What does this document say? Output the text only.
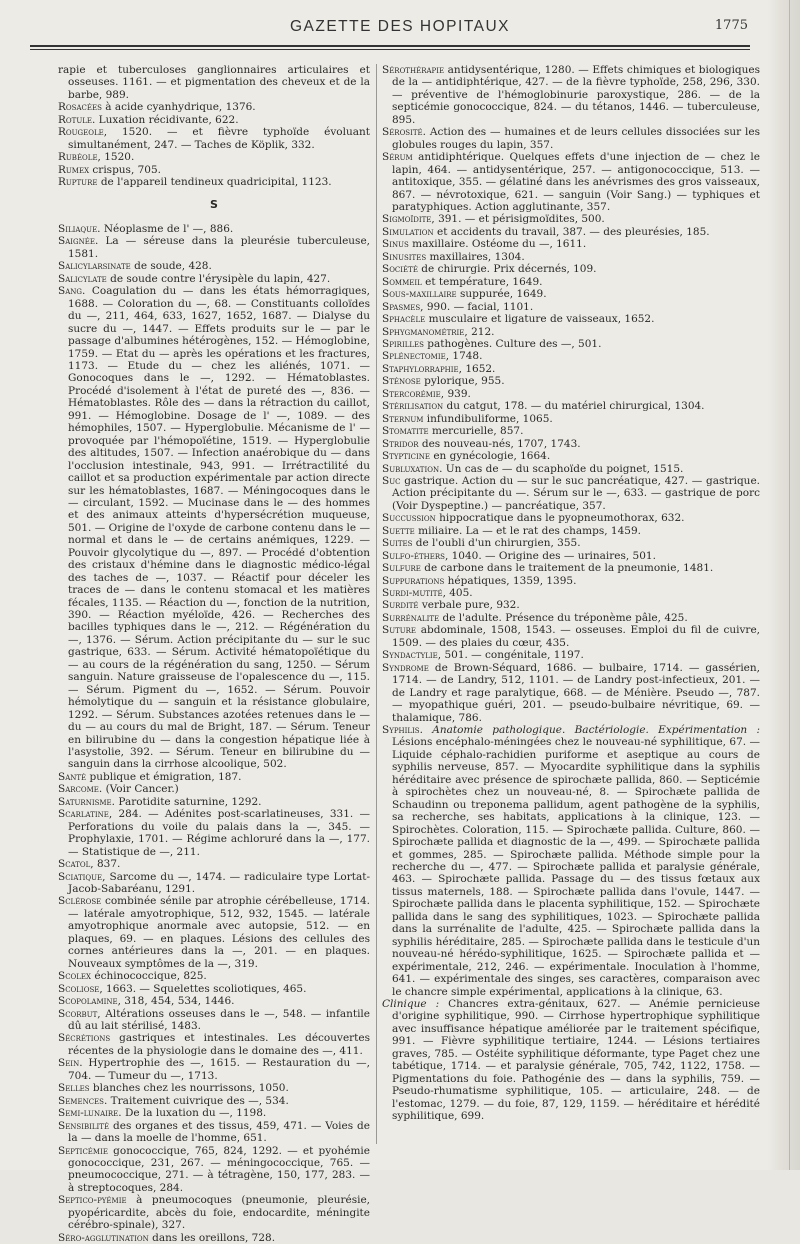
GAZETTE DES HOPITAUX	1775

rapie et tuberculoses ganglionnaires articulaires et osseuses. 1161. — et pigmentation des cheveux et de la barbe, 989.

Rosacées à acide cyanhydrique, 1376.

Rotule. Luxation récidivante, 622.

Rougeole, 1520. — et fièvre typhoïde évoluant simultanément, 247. — Taches de Köplik, 332.

Rubéole, 1520.

Rumex crispus, 705.

Rupture de l'appareil tendineux quadricipital, 1123.

S

Siliaque. Néoplasme de l' —, 886.

Saignée. La — séreuse dans la pleurésie tuberculeuse, 1581.

Salicylarsinate de soude, 428.

Salicylate de soude contre l'érysipèle du lapin, 427.

Sang. Coagulation du — dans les états hémorragiques, 1688. — Coloration du —, 68. — Constituants colloïdes du —, 211, 464, 633, 1627, 1652, 1687. — Dialyse du sucre du —, 1447. — Effets produits sur le — par le passage d'albumines hétérogènes, 152. — Hémoglobine, 1759. — Etat du — après les opérations et les fractures, 1173. — Etude du — chez les aliénés, 1071. — Gonocoques dans le —, 1292. — Hématoblastes. Procédé d'isolement à l'état de pureté des —, 836. — Hématoblastes. Rôle des — dans la rétraction du caillot, 991. — Hémoglobine. Dosage de l' —, 1089. — des hémophiles, 1507. — Hyperglobulie. Mécanisme de l' — provoquée par l'hémopoïétine, 1519. — Hyperglobulie des altitudes, 1507. — Infection anaérobique du — dans l'occlusion intestinale, 943, 991. — Irrétractilité du caillot et sa production expérimentale par action directe sur les hématoblastes, 1687. — Méningocoques dans le — circulant, 1592. — Mucinase dans le — des hommes et des animaux atteints d'hypersécrétion muqueuse, 501. — Origine de l'oxyde de carbone contenu dans le — normal et dans le — de certains anémiques, 1229. — Pouvoir glycolytique du —, 897. — Procédé d'obtention des cristaux d'hémine dans le diagnostic médico-légal des taches de —, 1037. — Réactif pour déceler les traces de — dans le contenu stomacal et les matières fécales, 1135. — Réaction du —, fonction de la nutrition, 390. — Réaction myéloïde, 426. — Recherches des bacilles typhiques dans le —, 212. — Régénération du —, 1376. — Sérum. Action précipitante du — sur le suc gastrique, 633. — Sérum. Activité hématopoïétique du — au cours de la régénération du sang, 1250. — Sérum sanguin. Nature graisseuse de l'opalescence du —, 115. — Sérum. Pigment du —, 1652. — Sérum. Pouvoir hémolytique du — sanguin et la résistance globulaire, 1292. — Sérum. Substances azotées retenues dans le — du — au cours du mal de Bright, 187. — Sérum. Teneur en bilirubine du — dans la congestion hépatique liée à l'asystolie, 392. — Sérum. Teneur en bilirubine du — sanguin dans la cirrhose alcoolique, 502.

Santé publique et émigration, 187.

Sarcome. (Voir Cancer.)

Saturnisme. Parotidite saturnine, 1292.

Scarlatine, 284. — Adénites post-scarlatineuses, 331. — Perforations du voile du palais dans la —, 345. — Prophylaxie, 1701. — Régime achloruré dans la —, 177. — Statistique de —, 211.

Scatol, 837.

Sciatique, Sarcome du —, 1474. — radiculaire type Lortat-Jacob-Sabaréanu, 1291.

Sclérose combinée sénile par atrophie cérébelleuse, 1714. — latérale amyotrophique, 512, 932, 1545. — latérale amyotrophique anormale avec autopsie, 512. — en plaques, 69. — en plaques. Lésions des cellules des cornes antérieures dans la —, 201. — en plaques. Nouveaux symptômes de la —, 319.

Scolex échinococcique, 825.

Scoliose, 1663. — Squelettes scoliotiques, 465.

Scopolamine, 318, 454, 534, 1446.

Scorbut, Altérations osseuses dans le —, 548. — infantile dû au lait stérilisé, 1483.

Sécrétions gastriques et intestinales. Les découvertes récentes de la physiologie dans le domaine des —, 411.

Sein. Hypertrophie des —, 1615. — Restauration du —, 704. — Tumeur du —, 1713.

Selles blanches chez les nourrissons, 1050.

Semences. Traitement cuivrique des —, 534.

Semi-lunaire. De la luxation du —, 1198.

Sensibilité des organes et des tissus, 459, 471. — Voies de la — dans la moelle de l'homme, 651.

Septicémie gonococcique, 765, 824, 1292. — et pyohémie gonococcique, 231, 267. — méningococcique, 765. — pneumococcique, 271. — à tétragène, 150, 177, 283. — à streptocoques, 284.

Septico-pyémie à pneumocoques (pneumonie, pleurésie, pyopéricardite, abcès du foie, endocardite, méningite cérébro-spinale), 327.

Séro-agglutination dans les oreillons, 728.

Sérothérapie antidysentérique, 1280. — Effets chimiques et biologiques de la — antidiphtérique, 427. — de la fièvre typhoïde, 258, 296, 330. — préventive de l'hémoglobinurie paroxystique, 286. — de la septicémie gonococcique, 824. — du tétanos, 1446. — tuberculeuse, 895.

Sérosité. Action des — humaines et de leurs cellules dissociées sur les globules rouges du lapin, 357.

Sérum antidiphtérique. Quelques effets d'une injection de — chez le lapin, 464. — antidysentérique, 257. — antigonococcique, 513. — antitoxique, 355. — gélatiné dans les anévrismes des gros vaisseaux, 867. — névrotoxique, 621. — sanguin (Voir Sang.) — typhiques et paratyphiques. Action agglutinante, 357.

Sigmoïdite, 391. — et périsigmoïdites, 500.

Simulation et accidents du travail, 387. — des pleurésies, 185.

Sinus maxillaire. Ostéome du —, 1611.

Sinusites maxillaires, 1304.

Société de chirurgie. Prix décernés, 109.

Sommeil et température, 1649.

Sous-maxillaire suppurée, 1649.

Spasmes, 990. — facial, 1101.

Sphacèle musculaire et ligature de vaisseaux, 1652.

Sphygmanométrie, 212.

Spirilles pathogènes. Culture des —, 501.

Splénectomie, 1748.

Staphylorraphie, 1652.

Sténose pylorique, 955.

Stercorémie, 939.

Stérilisation du catgut, 178. — du matériel chirurgical, 1304.

Sternum infundibuliforme, 1065.

Stomatite mercurielle, 857.

Stridor des nouveau-nés, 1707, 1743.

Stypticine en gynécologie, 1664.

Subluxation. Un cas de — du scaphoïde du poignet, 1515.

Suc gastrique. Action du — sur le suc pancréatique, 427. — gastrique. Action précipitante du —. Sérum sur le —, 633. — gastrique de porc (Voir Dyspeptine.) — pancréatique, 357.

Succussion hippocratique dans le pyopneumothorax, 632.

Suette miliaire. La — et le rat des champs, 1459.

Suites de l'oubli d'un chirurgien, 355.

Sulfo-éthers, 1040. — Origine des — urinaires, 501.

Sulfure de carbone dans le traitement de la pneumonie, 1481.

Suppurations hépatiques, 1359, 1395.

Surdi-mutité, 405.

Surdité verbale pure, 932.

Surrénalite de l'adulte. Présence du tréponème pâle, 425.

Suture abdominale, 1508, 1543. — osseuses. Emploi du fil de cuivre, 1509. — des plaies du cœur, 435.

Syndactylie, 501. — congénitale, 1197.

Syndrome de Brown-Séquard, 1686. — bulbaire, 1714. — gassérien, 1714. — de Landry, 512, 1101. — de Landry post-infectieux, 201. — de Landry et rage paralytique, 668. — de Ménière. Pseudo —, 787. — myopathique guéri, 201. — pseudo-bulbaire névritique, 69. — thalamique, 786.

Syphilis. Anatomie pathologique. Bactériologie. Expérimentation : Lésions encéphalo-méningées chez le nouveau-né syphilitique, 67. — Liquide céphalo-rachidien puriforme et aseptique au cours de syphilis nerveuse, 857. — Myocardite syphilitique dans la syphilis héréditaire avec présence de spirochæte pallida, 860. — Septicémie à spirochètes chez un nouveau-né, 8. — Spirochæte pallida de Schaudinn ou treponema pallidum, agent pathogène de la syphilis, sa recherche, ses habitats, applications à la clinique, 123. — Spirochètes. Coloration, 115. — Spirochæte pallida. Culture, 860. — Spirochæte pallida et diagnostic de la —, 499. — Spirochæte pallida et gommes, 285. — Spirochæte pallida. Méthode simple pour la recherche du —, 477. — Spirochæte pallida et paralysie générale, 463. — Spirochæte pallida. Passage du — des tissus fœtaux aux tissus maternels, 188. — Spirochæte pallida dans l'ovule, 1447. — Spirochæte pallida dans le placenta syphilitique, 152. — Spirochæte pallida dans le sang des syphilitiques, 1023. — Spirochæte pallida dans la surrénalite de l'adulte, 425. — Spirochæte pallida dans la syphilis héréditaire, 285. — Spirochæte pallida dans le testicule d'un nouveau-né hérédo-syphilitique, 1625. — Spirochæte pallida et — expérimentale, 212, 246. — expérimentale. Inoculation à l'homme, 641. — expérimentale des singes, ses caractères, comparaison avec le chancre simple expérimental, applications à la clinique, 63.

Clinique : Chancres extra-génitaux, 627. — Anémie pernicieuse d'origine syphilitique, 990. — Cirrhose hypertrophique syphilitique avec insuffisance hépatique améliorée par le traitement spécifique, 991. — Fièvre syphilitique tertiaire, 1244. — Lésions tertiaires graves, 785. — Ostéite syphilitique déformante, type Paget chez une tabétique, 1714. — et paralysie générale, 705, 742, 1122, 1758. — Pigmentations du foie. Pathogénie des — dans la syphilis, 759. — Pseudo-rhumatisme syphilitique, 105. — articulaire, 248. — de l'estomac, 1279. — du foie, 87, 129, 1159. — héréditaire et hérédité syphilitique, 699.
